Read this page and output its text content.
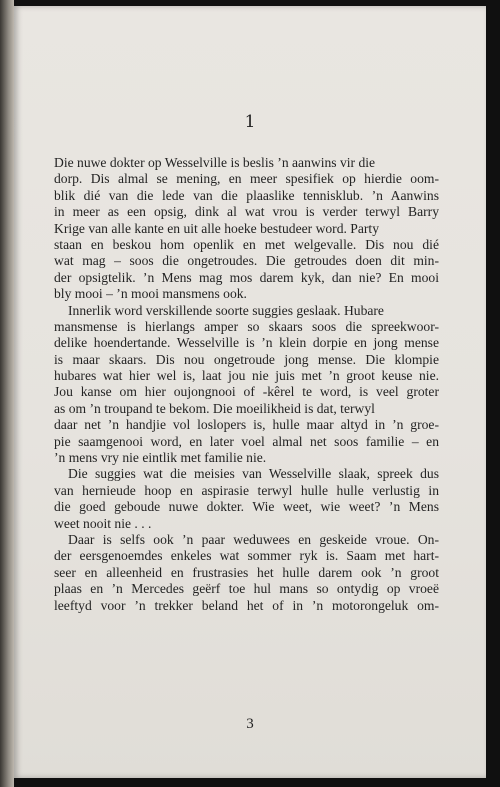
1

Die nuwe dokter op Wesselville is beslis ’n aanwins vir die
dorp. Dis almal se mening, en meer spesifiek op hierdie oom-
blik dié van die lede van die plaaslike tennisklub. ’n Aanwins
in meer as een opsig, dink al wat vrou is verder terwyl Barry
Krige van alle kante en uit alle hoeke bestudeer word. Party
staan en beskou hom openlik en met welgevalle. Dis nou dié
wat mag – soos die ongetroudes. Die getroudes doen dit min-
der opsigtelik. ’n Mens mag mos darem kyk, dan nie? En mooi
bly mooi – ’n mooi mansmens ook.

Innerlik word verskillende soorte suggies geslaak. Hubare
mansmense is hierlangs amper so skaars soos die spreekwoor-
delike hoendertande. Wesselville is ’n klein dorpie en jong mense
is maar skaars. Dis nou ongetroude jong mense. Die klompie
hubares wat hier wel is, laat jou nie juis met ’n groot keuse nie.
Jou kanse om hier oujongnooi of -kêrel te word, is veel groter
as om ’n troupand te bekom. Die moeilikheid is dat, terwyl
daar net ’n handjie vol loslopers is, hulle maar altyd in ’n groe-
pie saamgenooi word, en later voel almal net soos familie – en
’n mens vry nie eintlik met familie nie.

Die suggies wat die meisies van Wesselville slaak, spreek dus
van hernieude hoop en aspirasie terwyl hulle hulle verlustig in
die goed geboude nuwe dokter. Wie weet, wie weet? ’n Mens
weet nooit nie . . .

Daar is selfs ook ’n paar weduwees en geskeide vroue. On-
der eersgenoemdes enkeles wat sommer ryk is. Saam met hart-
seer en alleenheid en frustrasies het hulle darem ook ’n groot
plaas en ’n Mercedes geërf toe hul mans so ontydig op vroeë
leeftyd voor ’n trekker beland het of in ’n motorongeluk om-

3
